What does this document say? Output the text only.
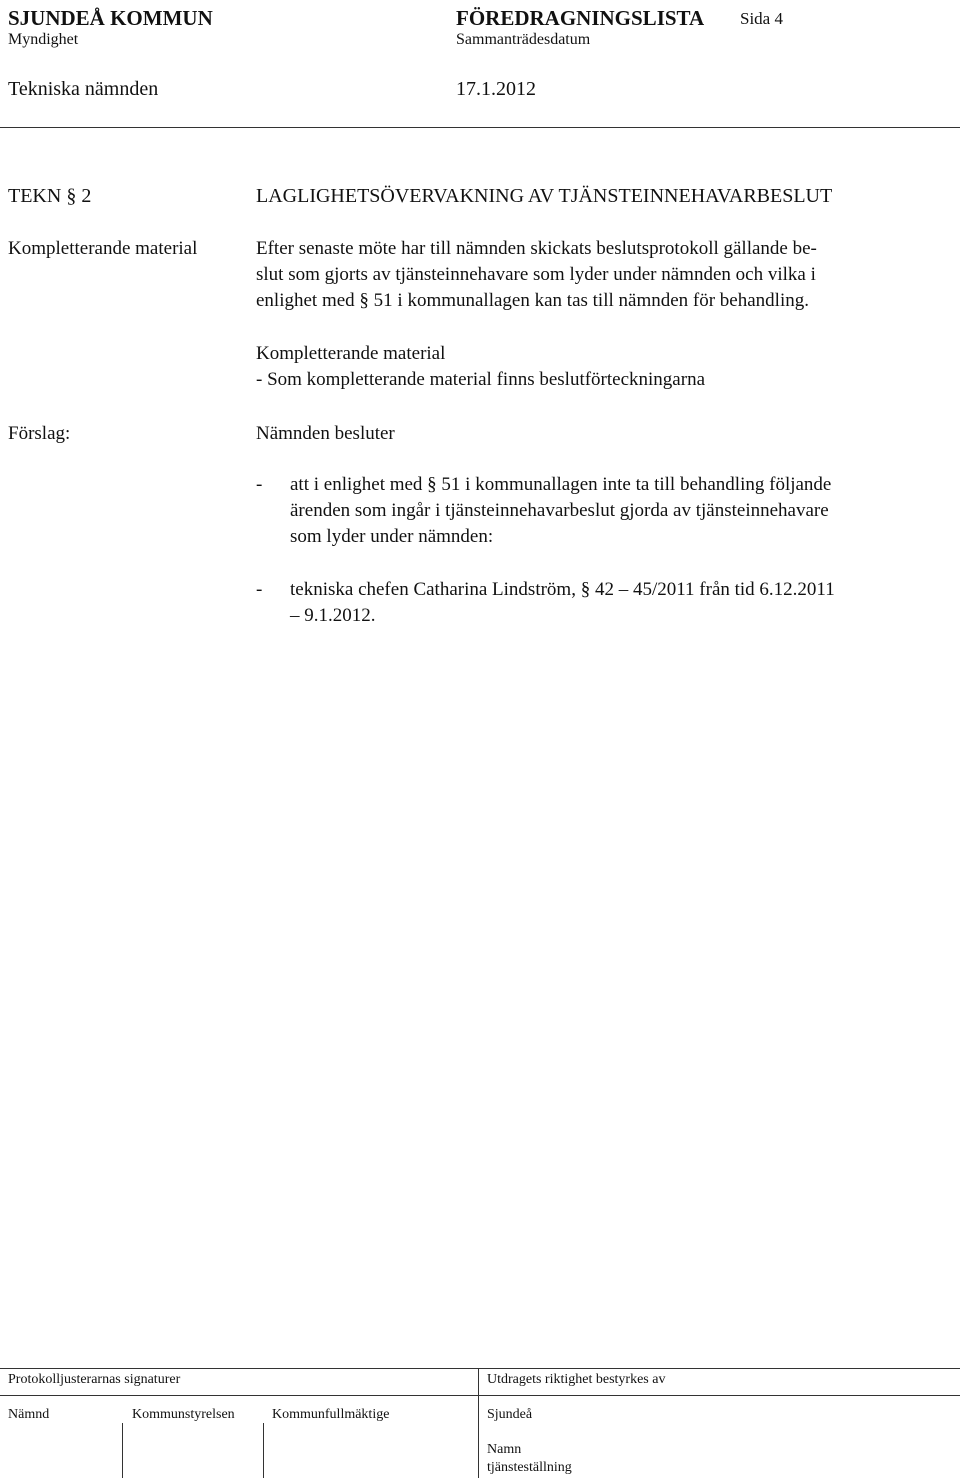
SJUNDEÅ KOMMUN	FÖREDRAGNINGSLISTA Sida 4
Myndighet	Sammanträdesdatum
Tekniska nämnden	17.1.2012
TEKN § 2	LAGLIGHETSÖVERVAKNING AV TJÄNSTEINNEHAVARBESLUT
Kompletterande material	Efter senaste möte har till nämnden skickats beslutsprotokoll gällande be-

slut som gjorts av tjänsteinnehavare som lyder under nämnden och vilka i

enlighet med § 51 i kommunallagen kan tas till nämnden för behandling.

Kompletterande material
- Som kompletterande material finns beslutförteckningarna
Förslag:	Nämnden besluter
- att i enlighet med § 51 i kommunallagen inte ta till behandling följande
ärenden som ingår i tjänsteinnehavarbeslut gjorda av tjänsteinnehavare
som lyder under nämnden:
- tekniska chefen Catharina Lindström, § 42 – 45/2011 från tid 6.12.2011
– 9.1.2012.
Protokolljusterarnas signaturer	Utdragets riktighet bestyrkes av
Nämnd	Kommunstyrelsen	Kommunfullmäktige	Sjundeå
Namn
tjänsteställning
